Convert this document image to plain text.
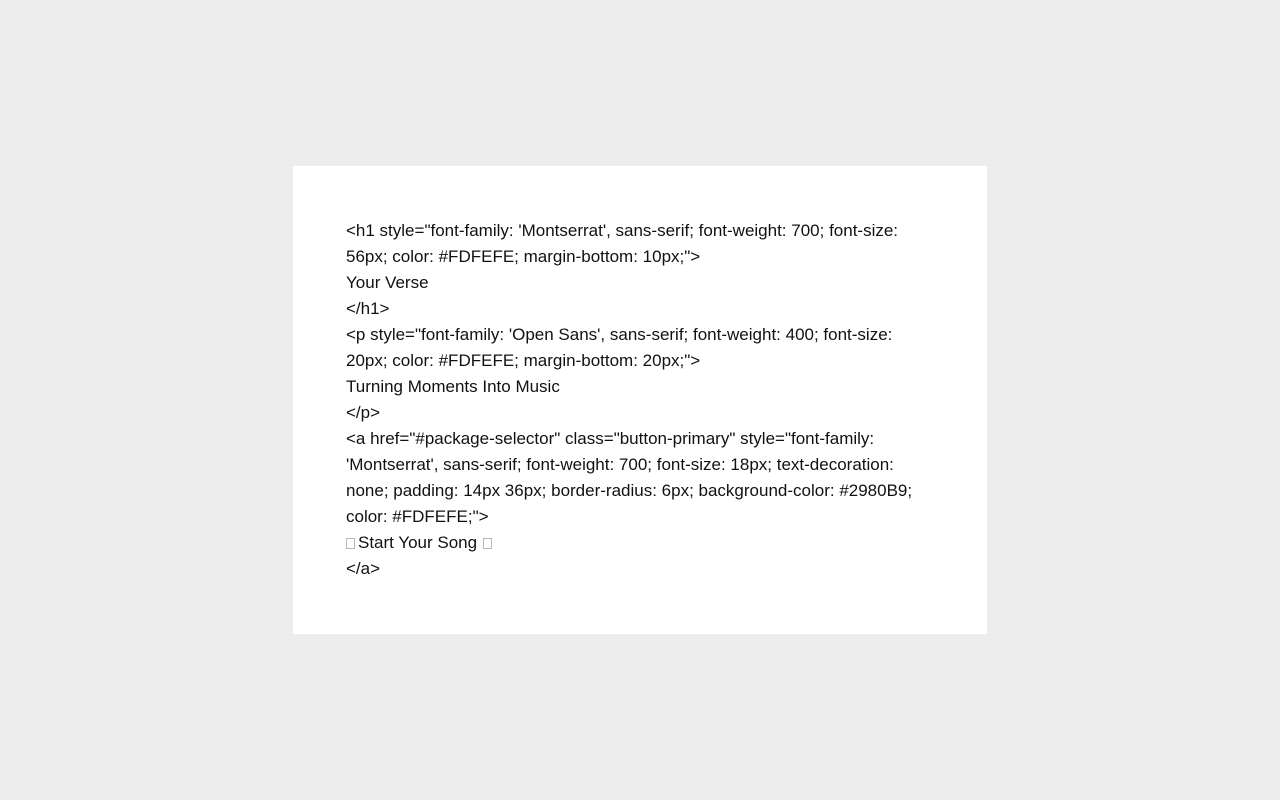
<h1 style="font-family: 'Montserrat', sans-serif; font-weight: 700; font-size: 56px; color: #FDFEFE; margin-bottom: 10px;">
Your Verse
</h1>
<p style="font-family: 'Open Sans', sans-serif; font-weight: 400; font-size: 20px; color: #FDFEFE; margin-bottom: 20px;">
Turning Moments Into Music
</p>
<a href="#package-selector" class="button-primary" style="font-family: 'Montserrat', sans-serif; font-weight: 700; font-size: 18px; text-decoration: none; padding: 14px 36px; border-radius: 6px; background-color: #2980B9; color: #FDFEFE;">
Start Your Song
</a>
